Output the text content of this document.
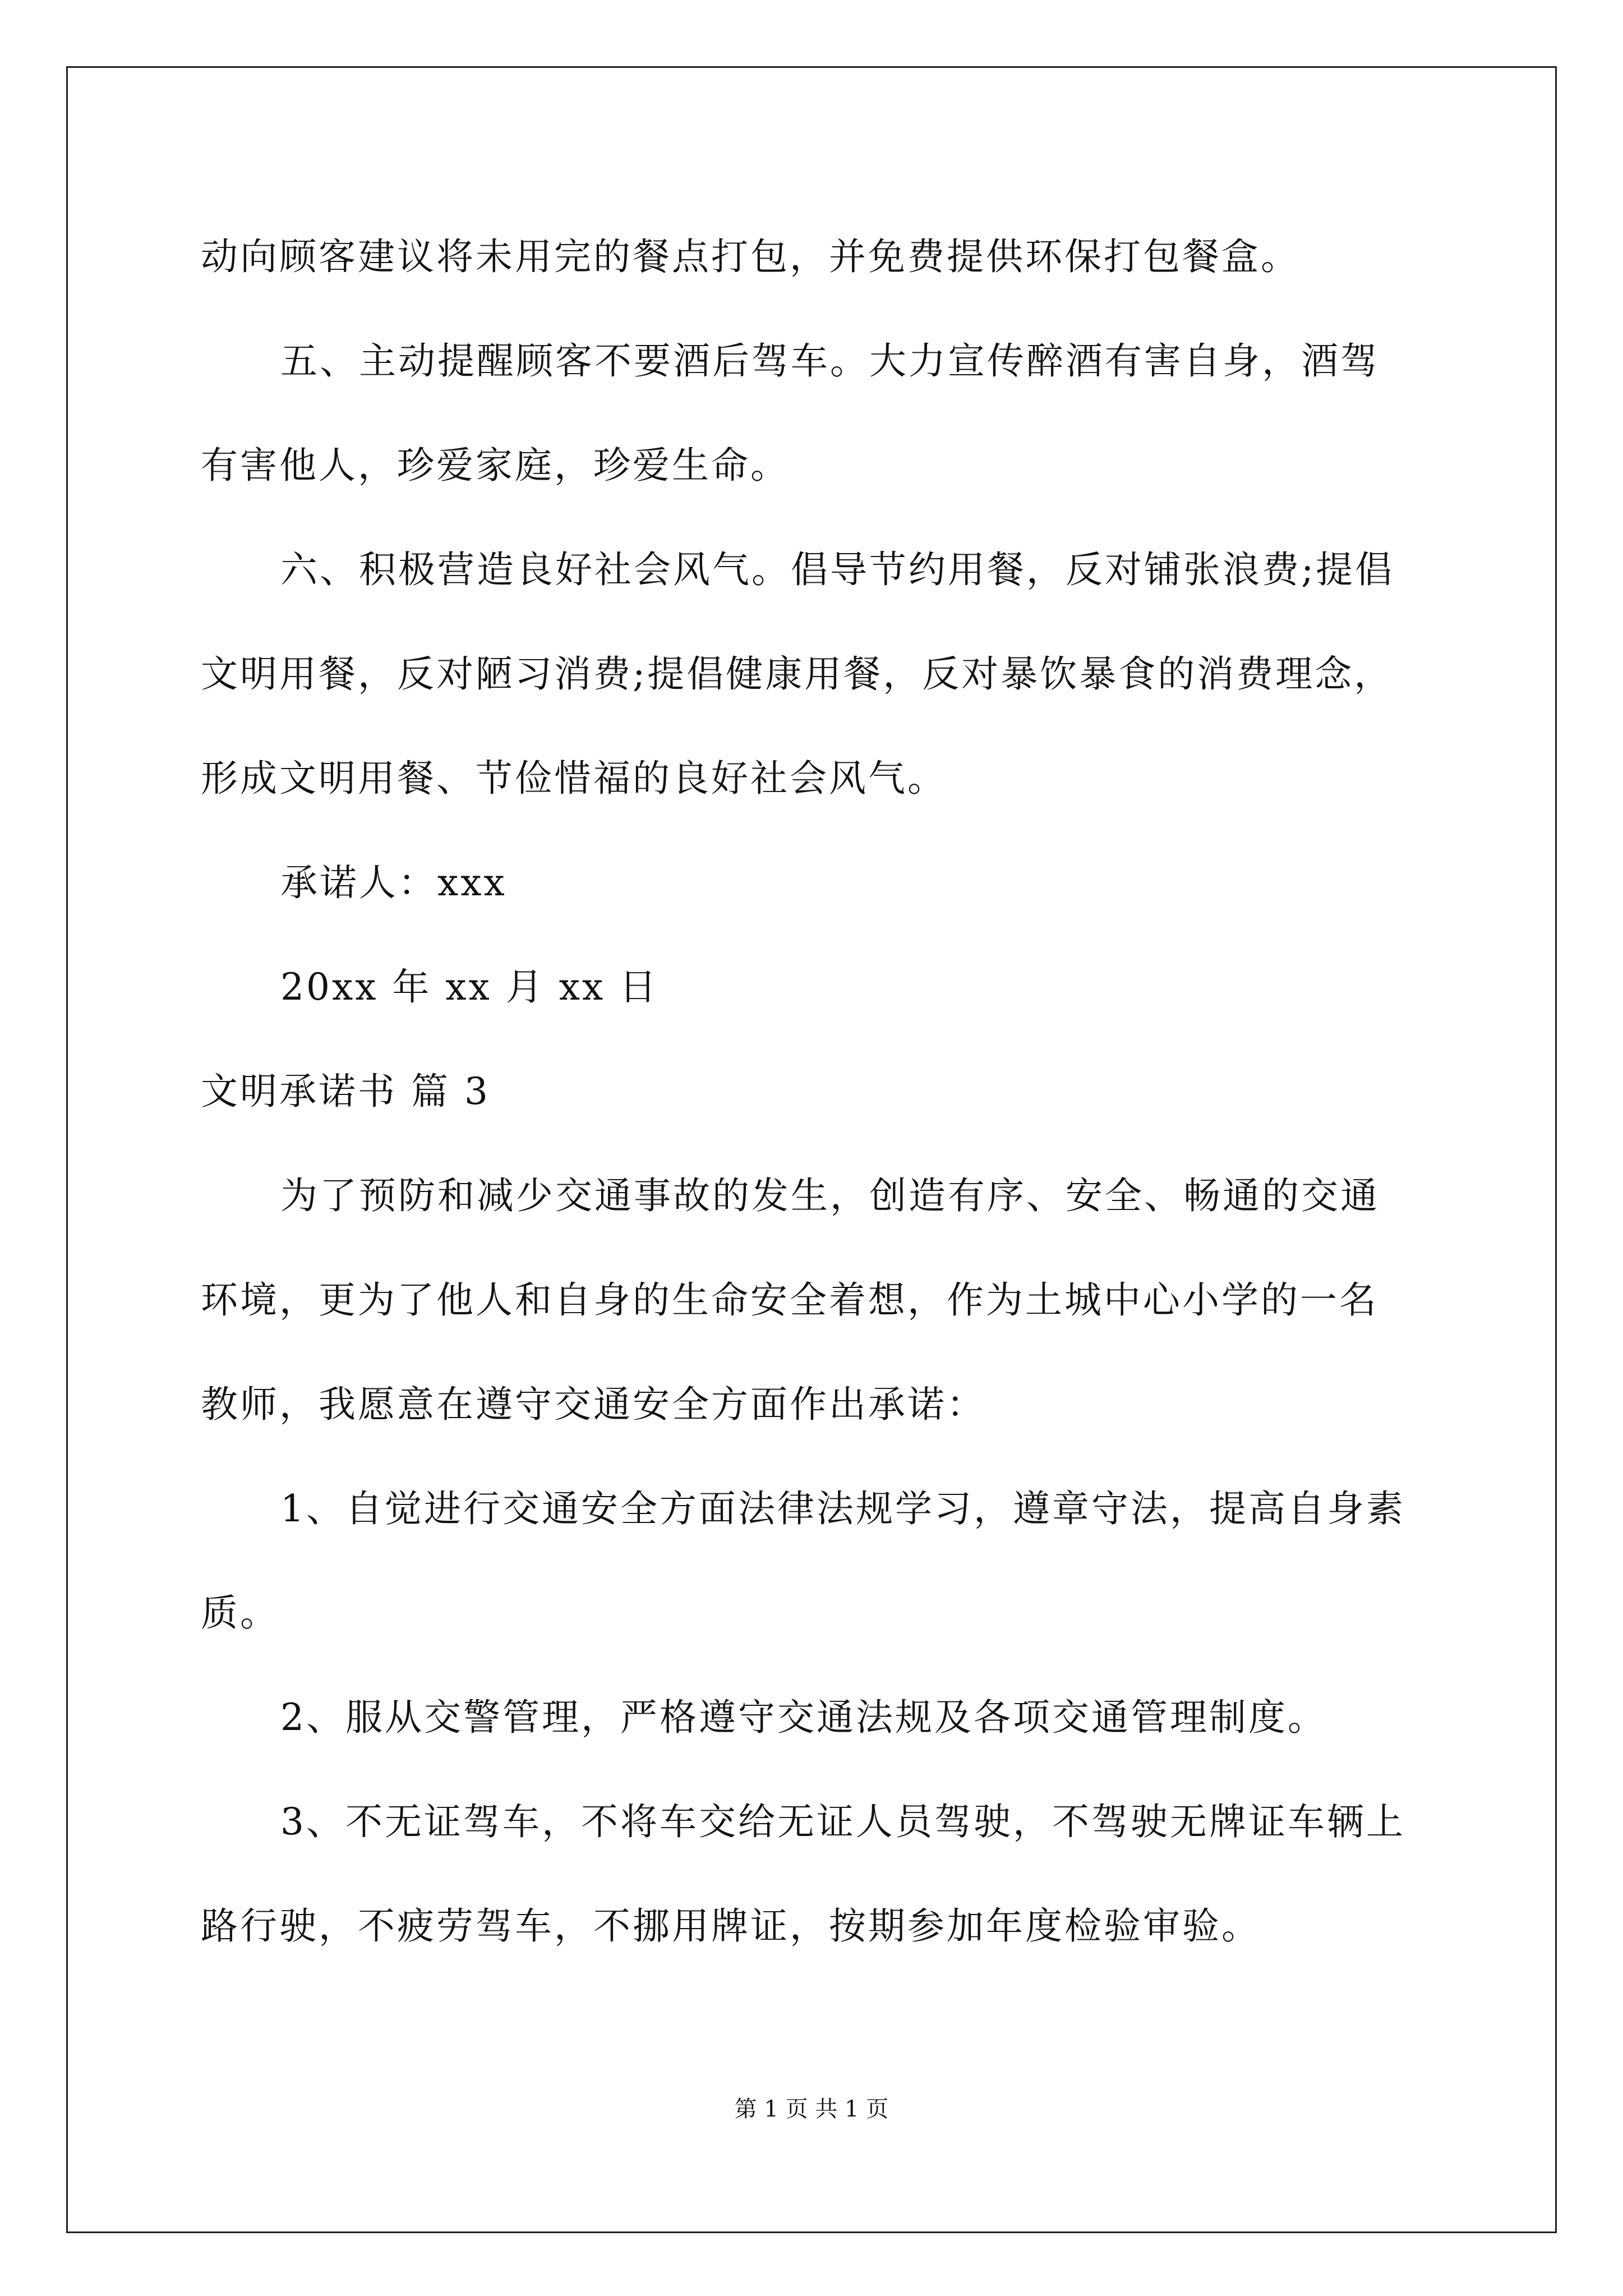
动向顾客建议将未用完的餐点打包，并免费提供环保打包餐盒。
五、主动提醒顾客不要酒后驾车。大力宣传醉酒有害自身，酒驾
有害他人，珍爱家庭，珍爱生命。
六、积极营造良好社会风气。倡导节约用餐，反对铺张浪费;提倡
文明用餐，反对陋习消费;提倡健康用餐，反对暴饮暴食的消费理念，
形成文明用餐、节俭惜福的良好社会风气。
承诺人：xxx
20xx 年 xx 月 xx 日
文明承诺书 篇 3
为了预防和减少交通事故的发生，创造有序、安全、畅通的交通
环境，更为了他人和自身的生命安全着想，作为土城中心小学的一名
教师，我愿意在遵守交通安全方面作出承诺：
1、自觉进行交通安全方面法律法规学习，遵章守法，提高自身素
质。
2、服从交警管理，严格遵守交通法规及各项交通管理制度。
3、不无证驾车，不将车交给无证人员驾驶，不驾驶无牌证车辆上
路行驶，不疲劳驾车，不挪用牌证，按期参加年度检验审验。
第 1 页 共 1 页
